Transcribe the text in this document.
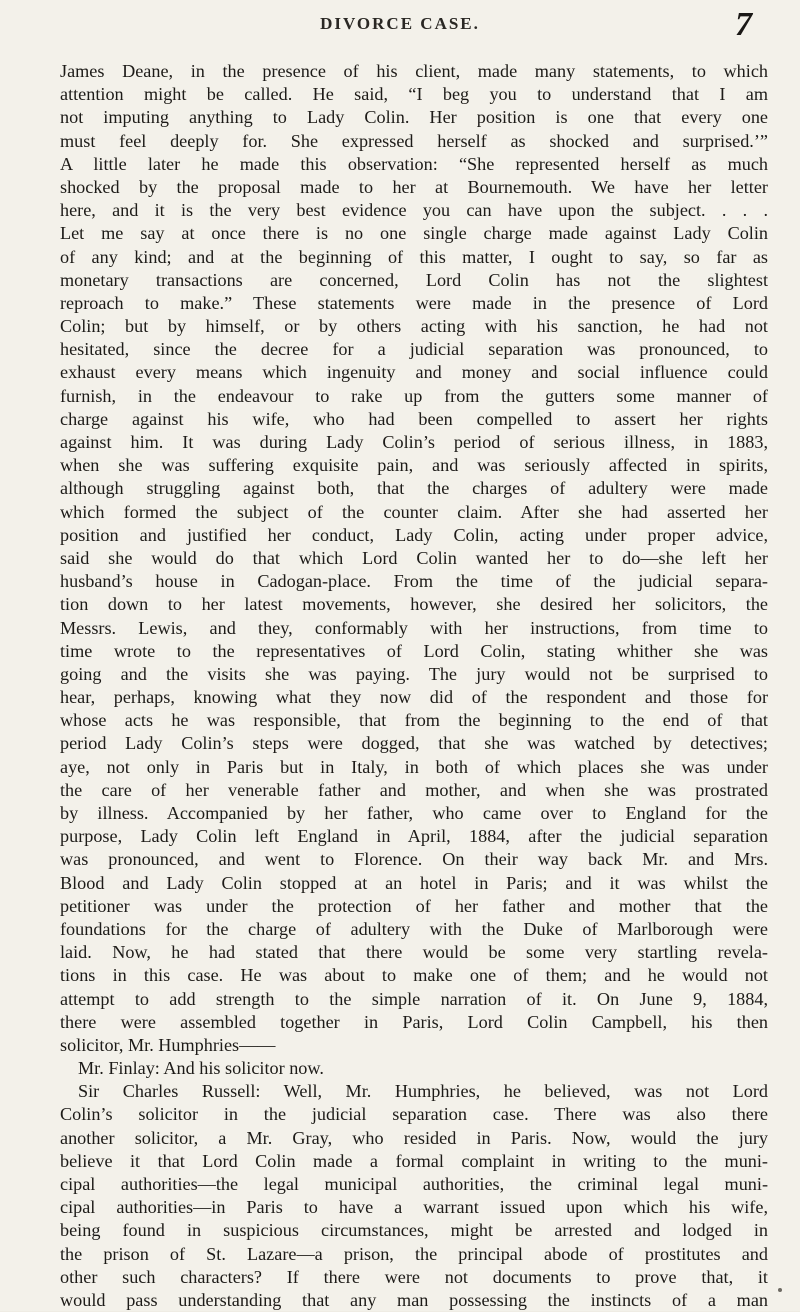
DIVORCE CASE.	7
James Deane, in the presence of his client, made many statements, to which
attention might be called. He said, “I beg you to understand that I am
not imputing anything to Lady Colin. Her position is one that every one
must feel deeply for. She expressed herself as shocked and surprised.’”
A little later he made this observation: “She represented herself as much
shocked by the proposal made to her at Bournemouth. We have her letter
here, and it is the very best evidence you can have upon the subject. . . .
Let me say at once there is no one single charge made against Lady Colin
of any kind; and at the beginning of this matter, I ought to say, so far as
monetary transactions are concerned, Lord Colin has not the slightest
reproach to make.” These statements were made in the presence of Lord
Colin; but by himself, or by others acting with his sanction, he had not
hesitated, since the decree for a judicial separation was pronounced, to
exhaust every means which ingenuity and money and social influence could
furnish, in the endeavour to rake up from the gutters some manner of
charge against his wife, who had been compelled to assert her rights
against him. It was during Lady Colin’s period of serious illness, in 1883,
when she was suffering exquisite pain, and was seriously affected in spirits,
although struggling against both, that the charges of adultery were made
which formed the subject of the counter claim. After she had asserted her
position and justified her conduct, Lady Colin, acting under proper advice,
said she would do that which Lord Colin wanted her to do—she left her
husband’s house in Cadogan-place. From the time of the judicial separa-
tion down to her latest movements, however, she desired her solicitors, the
Messrs. Lewis, and they, conformably with her instructions, from time to
time wrote to the representatives of Lord Colin, stating whither she was
going and the visits she was paying. The jury would not be surprised to
hear, perhaps, knowing what they now did of the respondent and those for
whose acts he was responsible, that from the beginning to the end of that
period Lady Colin’s steps were dogged, that she was watched by detectives;
aye, not only in Paris but in Italy, in both of which places she was under
the care of her venerable father and mother, and when she was prostrated
by illness. Accompanied by her father, who came over to England for the
purpose, Lady Colin left England in April, 1884, after the judicial separation
was pronounced, and went to Florence. On their way back Mr. and Mrs.
Blood and Lady Colin stopped at an hotel in Paris; and it was whilst the
petitioner was under the protection of her father and mother that the
foundations for the charge of adultery with the Duke of Marlborough were
laid. Now, he had stated that there would be some very startling revela-
tions in this case. He was about to make one of them; and he would not
attempt to add strength to the simple narration of it. On June 9, 1884,
there were assembled together in Paris, Lord Colin Campbell, his then
solicitor, Mr. Humphries——
Mr. Finlay: And his solicitor now.
Sir Charles Russell: Well, Mr. Humphries, he believed, was not Lord
Colin’s solicitor in the judicial separation case. There was also there
another solicitor, a Mr. Gray, who resided in Paris. Now, would the jury
believe it that Lord Colin made a formal complaint in writing to the muni-
cipal authorities—the legal municipal authorities, the criminal legal muni-
cipal authorities—in Paris to have a warrant issued upon which his wife,
being found in suspicious circumstances, might be arrested and lodged in
the prison of St. Lazare—a prison, the principal abode of prostitutes and
other such characters? If there were not documents to prove that, it
would pass understanding that any man possessing the instincts of a man
